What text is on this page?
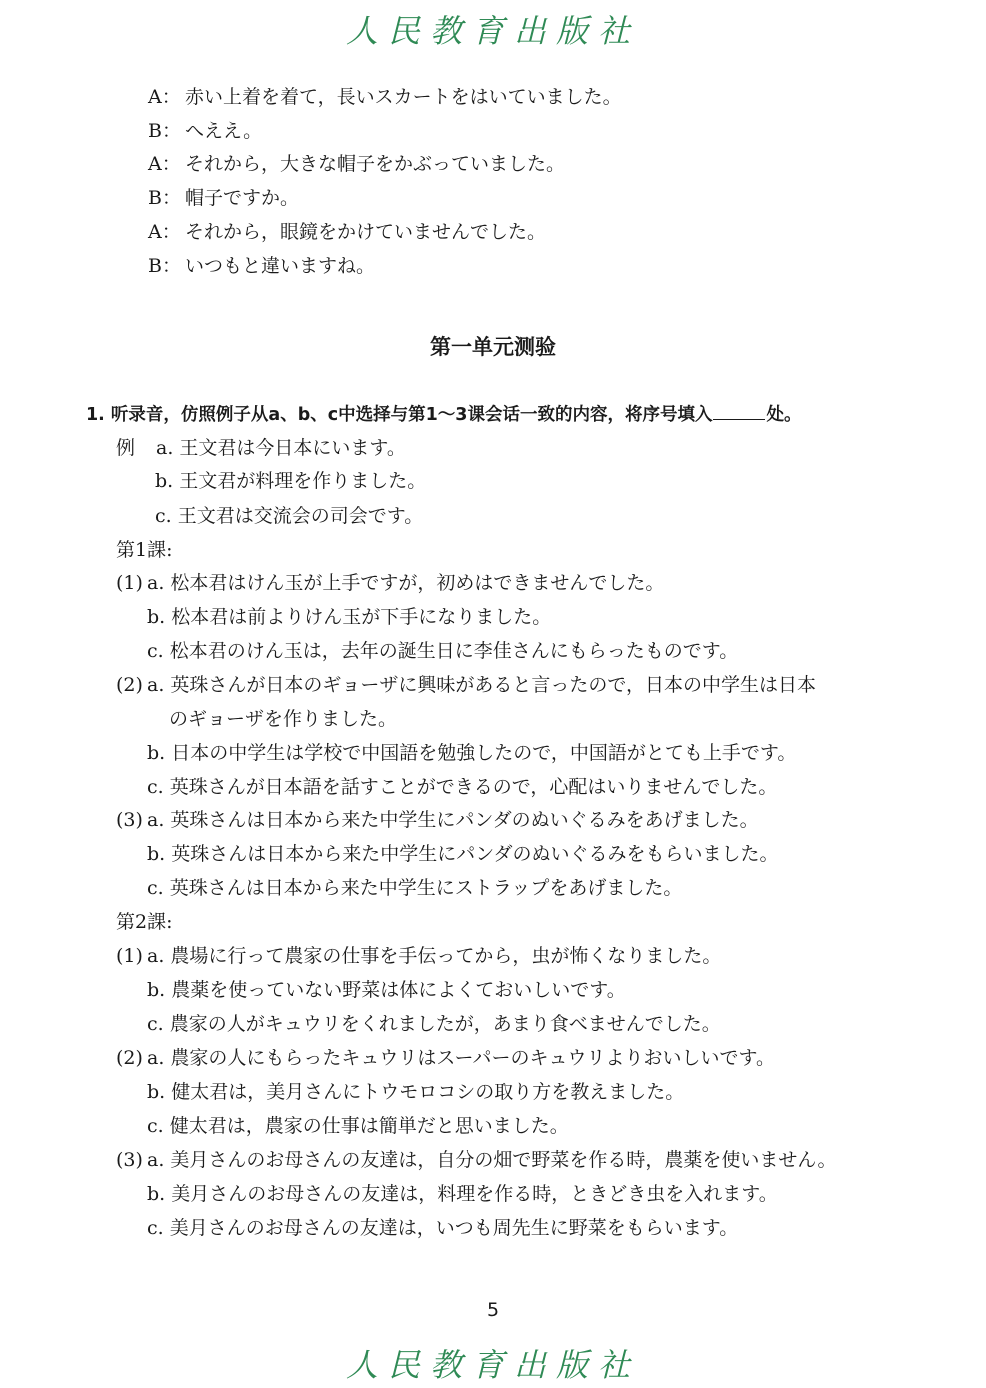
人民教育出版社
A： 赤い上着を着て，長いスカートをはいていました。
B： へええ。
A： それから，大きな帽子をかぶっていました。
B： 帽子ですか。
A： それから，眼鏡をかけていませんでした。
B： いつもと違いますね。
第一单元测验
1. 听录音，仿照例子从a、b、c中选择与第1～3课会话一致的内容，将序号填入	处。
例 a. 王文君は今日本にいます。
b. 王文君が料理を作りました。
c. 王文君は交流会の司会です。
第1課:
(1) a. 松本君はけん玉が上手ですが，初めはできませんでした。
b. 松本君は前よりけん玉が下手になりました。
c. 松本君のけん玉は，去年の誕生日に李佳さんにもらったものです。
(2) a. 英珠さんが日本のギョーザに興味があると言ったので，日本の中学生は日本
のギョーザを作りました。
b. 日本の中学生は学校で中国語を勉強したので，中国語がとても上手です。
c. 英珠さんが日本語を話すことができるので，心配はいりませんでした。
(3) a. 英珠さんは日本から来た中学生にパンダのぬいぐるみをあげました。
b. 英珠さんは日本から来た中学生にパンダのぬいぐるみをもらいました。
c. 英珠さんは日本から来た中学生にストラップをあげました。
第2課:
(1) a. 農場に行って農家の仕事を手伝ってから，虫が怖くなりました。
b. 農薬を使っていない野菜は体によくておいしいです。
c. 農家の人がキュウリをくれましたが，あまり食べませんでした。
(2) a. 農家の人にもらったキュウリはスーパーのキュウリよりおいしいです。
b. 健太君は，美月さんにトウモロコシの取り方を教えました。
c. 健太君は，農家の仕事は簡単だと思いました。
(3) a. 美月さんのお母さんの友達は，自分の畑で野菜を作る時，農薬を使いません。
b. 美月さんのお母さんの友達は，料理を作る時，ときどき虫を入れます。
c. 美月さんのお母さんの友達は，いつも周先生に野菜をもらいます。
5
人民教育出版社
